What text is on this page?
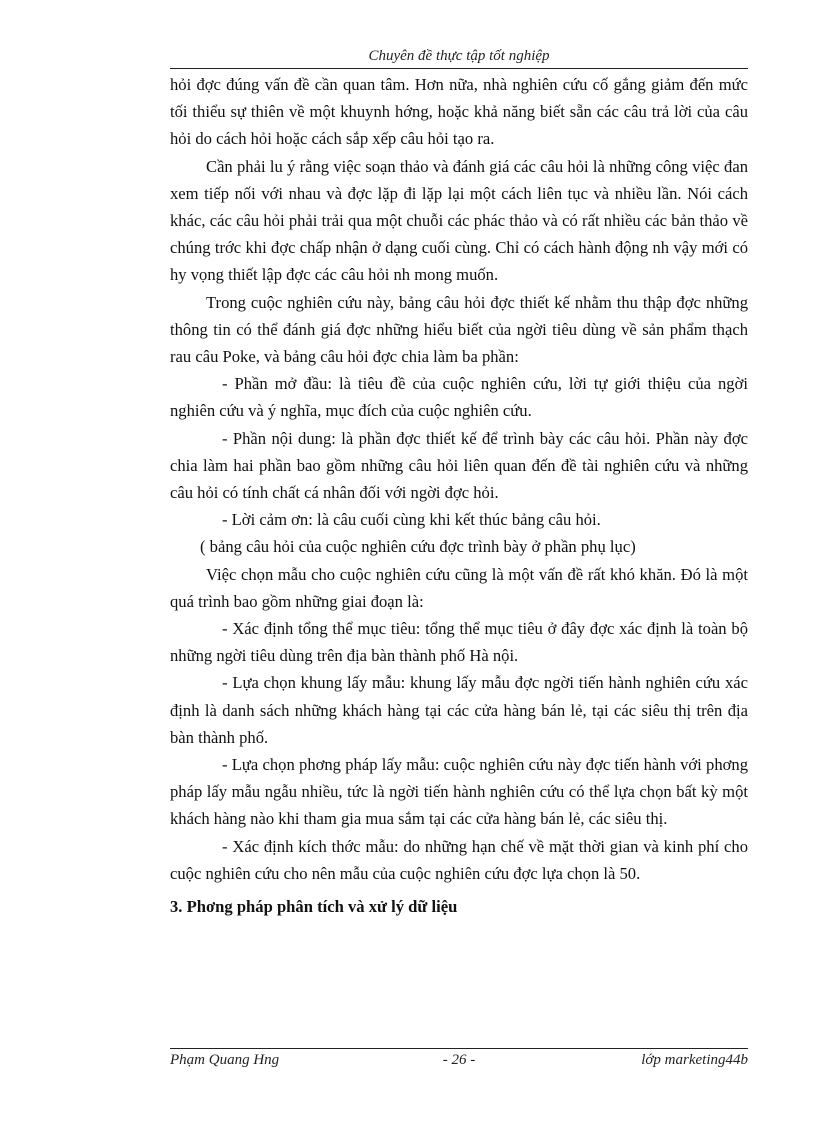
Chuyên đề thực tập tốt nghiệp

hỏi đợc đúng vấn đề cần quan tâm. Hơn nữa, nhà nghiên cứu cố gắng giảm đến mức tối thiểu sự thiên về một khuynh hớng, hoặc khả năng biết sẵn các câu trả lời của câu hỏi do cách hỏi hoặc cách sắp xếp câu hỏi tạo ra.

Cần phải lu ý rằng việc soạn thảo và đánh giá các câu hỏi là những công việc đan xem tiếp nối với nhau và đợc lặp đi lặp lại một cách liên tục và nhiều lần. Nói cách khác, các câu hỏi phải trải qua một chuỗi các phác thảo và có rất nhiều các bản thảo về chúng trớc khi đợc chấp nhận ở dạng cuối cùng. Chỉ có cách hành động nh vậy mới có hy vọng thiết lập đợc các câu hỏi nh mong muốn.

Trong cuộc nghiên cứu này, bảng câu hỏi đợc thiết kế nhằm thu thập đợc những thông tin có thể đánh giá đợc những hiểu biết của ngời tiêu dùng về sản phẩm thạch rau câu Poke, và bảng câu hỏi đợc chia làm ba phần:

- Phần mở đầu: là tiêu đề của cuộc nghiên cứu, lời tự giới thiệu của ngời nghiên cứu và ý nghĩa, mục đích của cuộc nghiên cứu.

- Phần nội dung: là phần đợc thiết kế để trình bày các câu hỏi. Phần này đợc chia làm hai phần bao gồm những câu hỏi liên quan đến đề tài nghiên cứu và những câu hỏi có tính chất cá nhân đối với ngời đợc hỏi.

- Lời cảm ơn: là câu cuối cùng khi kết thúc bảng câu hỏi.

( bảng câu hỏi của cuộc nghiên cứu đợc trình bày ở phần phụ lục)

Việc chọn mẫu cho cuộc nghiên cứu cũng là một vấn đề rất khó khăn. Đó là một quá trình bao gồm những giai đoạn là:

- Xác định tổng thể mục tiêu: tổng thể mục tiêu ở đây đợc xác định là toàn bộ những ngời tiêu dùng trên địa bàn thành phố Hà nội.

- Lựa chọn khung lấy mẫu: khung lấy mẫu đợc ngời tiến hành nghiên cứu xác định là danh sách những khách hàng tại các cửa hàng bán lẻ, tại các siêu thị trên địa bàn thành phố.

- Lựa chọn phơng pháp lấy mẫu: cuộc nghiên cứu này đợc tiến hành với phơng pháp lấy mẫu ngẫu nhiều, tức là ngời tiến hành nghiên cứu có thể lựa chọn bất kỳ một khách hàng nào khi tham gia mua sắm tại các cửa hàng bán lẻ, các siêu thị.

- Xác định kích thớc mẫu: do những hạn chế về mặt thời gian và kinh phí cho cuộc nghiên cứu cho nên mẫu của cuộc nghiên cứu đợc lựa chọn là 50.

3. Phơng pháp phân tích và xử lý dữ liệu

Phạm Quang Hng	- 26 -	lớp marketing44b
